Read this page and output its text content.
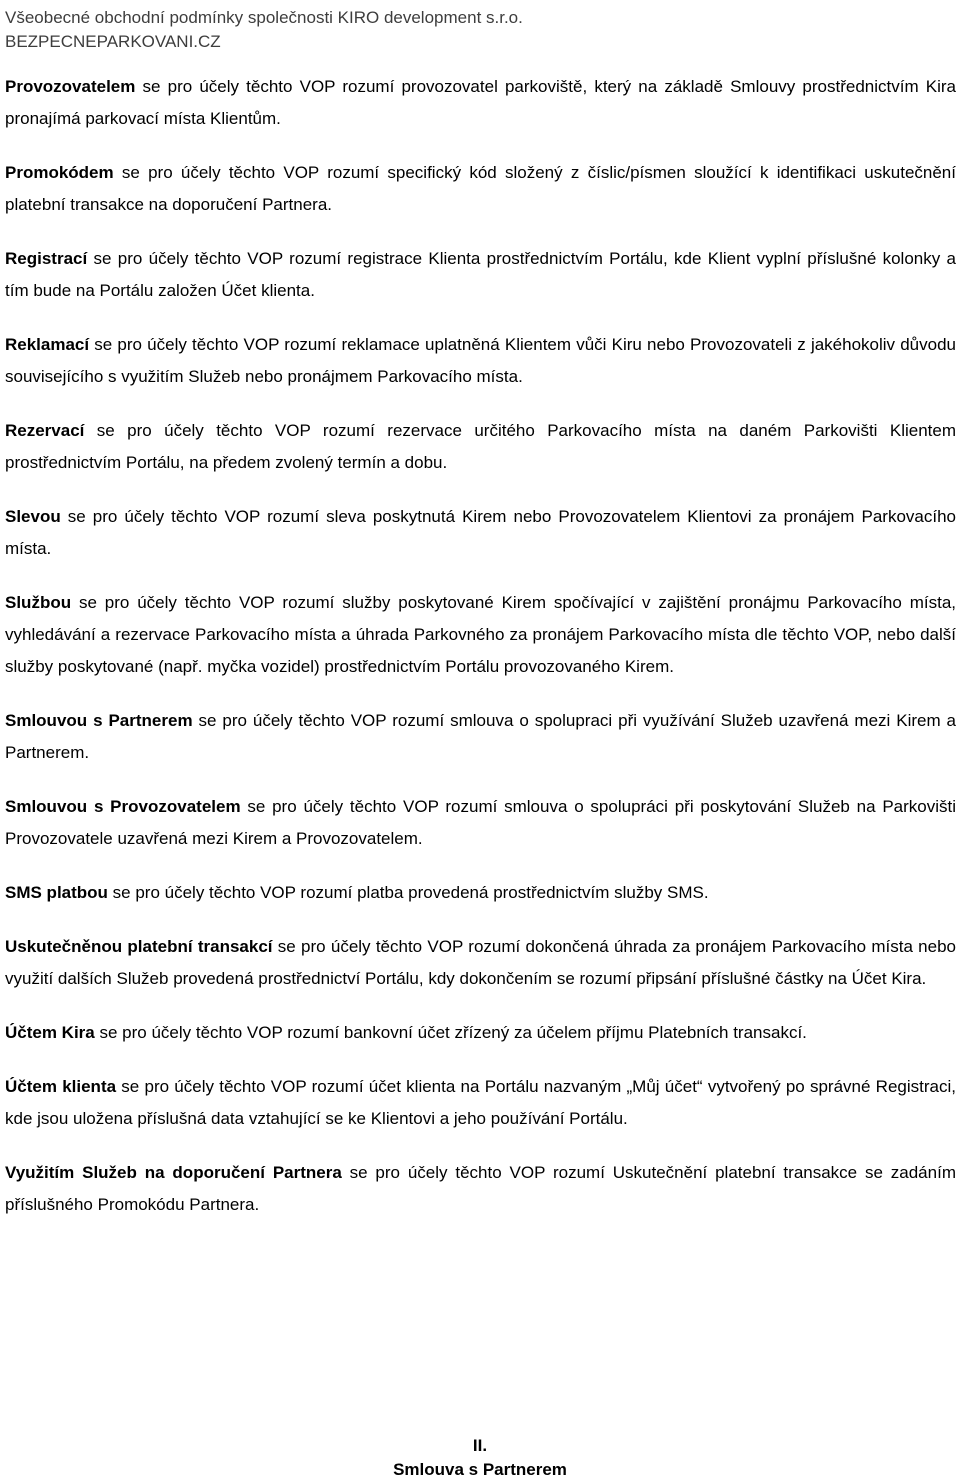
Všeobecné obchodní podmínky společnosti KIRO development s.r.o.
BEZPECNEPARKOVANI.CZ

Provozovatelem se pro účely těchto VOP rozumí provozovatel parkoviště, který na základě Smlouvy prostřednictvím Kira pronajímá parkovací místa Klientům.

Promokódem se pro účely těchto VOP rozumí specifický kód složený z číslic/písmen sloužící k identifikaci uskutečnění platební transakce na doporučení Partnera.

Registrací se pro účely těchto VOP rozumí registrace Klienta prostřednictvím Portálu, kde Klient vyplní příslušné kolonky a tím bude na Portálu založen Účet klienta.

Reklamací se pro účely těchto VOP rozumí reklamace uplatněná Klientem vůči Kiru nebo Provozovateli z jakéhokoliv důvodu souvisejícího s využitím Služeb nebo pronájmem Parkovacího místa.

Rezervací se pro účely těchto VOP rozumí rezervace určitého Parkovacího místa na daném Parkovišti Klientem prostřednictvím Portálu, na předem zvolený termín a dobu.

Slevou se pro účely těchto VOP rozumí sleva poskytnutá Kirem nebo Provozovatelem Klientovi za pronájem Parkovacího místa.

Službou se pro účely těchto VOP rozumí služby poskytované Kirem spočívající v zajištění pronájmu Parkovacího místa, vyhledávání a rezervace Parkovacího místa a úhrada Parkovného za pronájem Parkovacího místa dle těchto VOP, nebo další služby poskytované (např. myčka vozidel) prostřednictvím Portálu provozovaného Kirem.

Smlouvou s Partnerem se pro účely těchto VOP rozumí smlouva o spolupraci při využívání Služeb uzavřená mezi Kirem a Partnerem.

Smlouvou s Provozovatelem se pro účely těchto VOP rozumí smlouva o spolupráci při poskytování Služeb na Parkovišti Provozovatele uzavřená mezi Kirem a Provozovatelem.

SMS platbou se pro účely těchto VOP rozumí platba provedená prostřednictvím služby SMS.

Uskutečněnou platební transakcí se pro účely těchto VOP rozumí dokončená úhrada za pronájem Parkovacího místa nebo využití dalších Služeb provedená prostřednictví Portálu, kdy dokončením se rozumí připsání příslušné částky na Účet Kira.

Účtem Kira se pro účely těchto VOP rozumí bankovní účet zřízený za účelem příjmu Platebních transakcí.

Účtem klienta se pro účely těchto VOP rozumí účet klienta na Portálu nazvaným „Můj účet“ vytvořený po správné Registraci, kde jsou uložena příslušná data vztahující se ke Klientovi a jeho používání Portálu.

Využitím Služeb na doporučení Partnera se pro účely těchto VOP rozumí Uskutečnění platební transakce se zadáním příslušného Promokódu Partnera.

II.
Smlouva s Partnerem
